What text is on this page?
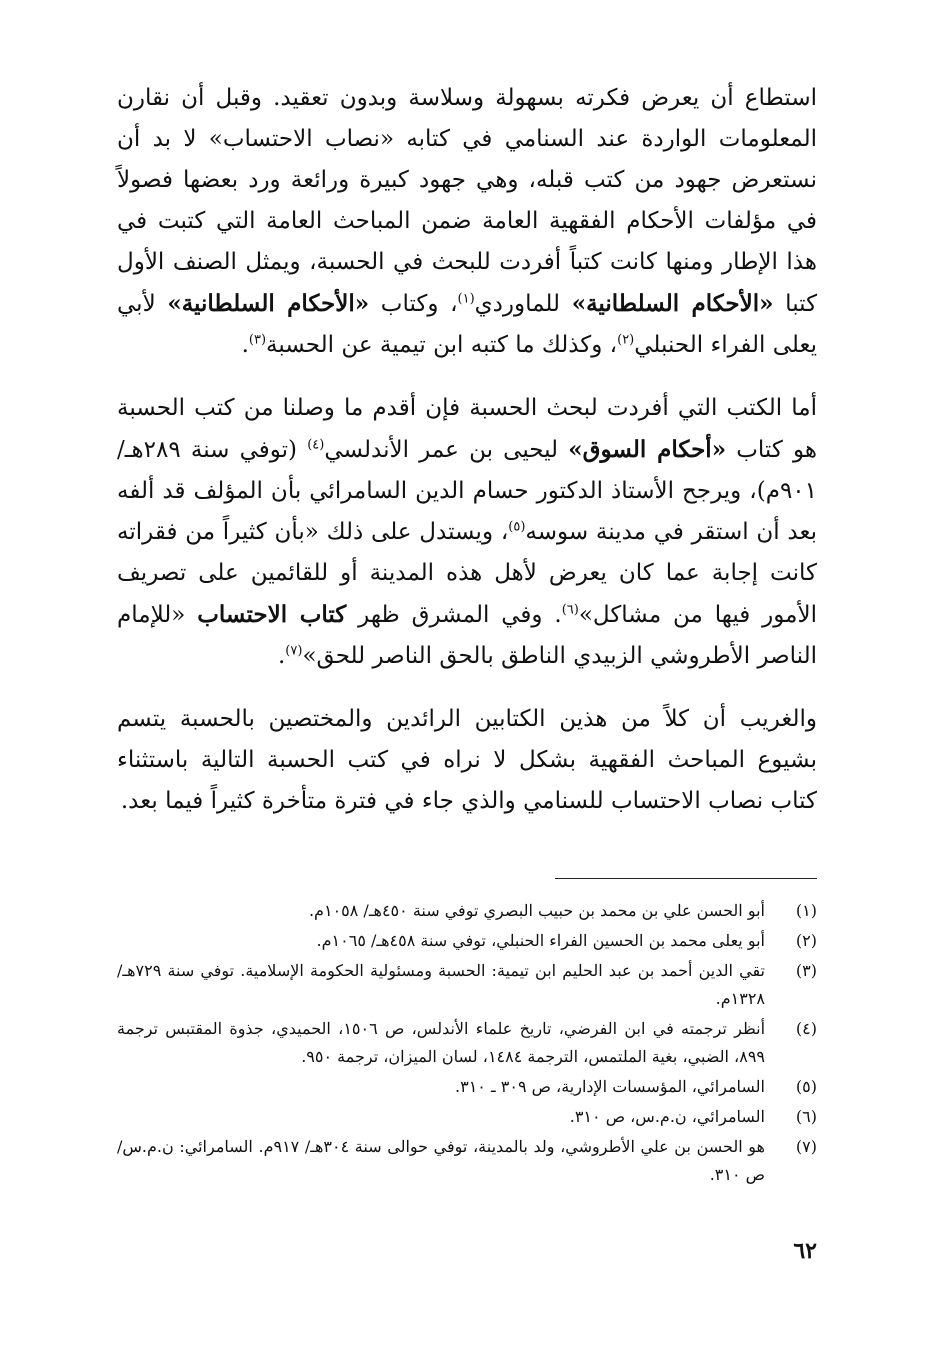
استطاع أن يعرض فكرته بسهولة وسلاسة وبدون تعقيد. وقبل أن نقارن المعلومات الواردة عند السنامي في كتابه «نصاب الاحتساب» لا بد أن نستعرض جهود من كتب قبله، وهي جهود كبيرة ورائعة ورد بعضها فصولاً في مؤلفات الأحكام الفقهية العامة ضمن المباحث العامة التي كتبت في هذا الإطار ومنها كانت كتباً أفردت للبحث في الحسبة، ويمثل الصنف الأول كتبا «الأحكام السلطانية» للماوردي$^{(١)}$، وكتاب «الأحكام السلطانية» لأبي يعلى الفراء الحنبلي$^{(٢)}$، وكذلك ما كتبه ابن تيمية عن الحسبة$^{(٣)}$.

أما الكتب التي أفردت لبحث الحسبة فإن أقدم ما وصلنا من كتب الحسبة هو كتاب «أحكام السوق» ليحيى بن عمر الأندلسي$^{(٤)}$ (توفي سنة ٢٨٩هـ/٩٠١م)، ويرجح الأستاذ الدكتور حسام الدين السامرائي بأن المؤلف قد ألفه بعد أن استقر في مدينة سوسه$^{(٥)}$، ويستدل على ذلك «بأن كثيراً من فقراته كانت إجابة عما كان يعرض لأهل هذه المدينة أو للقائمين على تصريف الأمور فيها من مشاكل»$^{(٦)}$. وفي المشرق ظهر كتاب الاحتساب «للإمام الناصر الأطروشي الزبيدي الناطق بالحق الناصر للحق»$^{(٧)}$.

والغريب أن كلاً من هذين الكتابين الرائدين والمختصين بالحسبة يتسم بشيوع المباحث الفقهية بشكل لا نراه في كتب الحسبة التالية باستثناء كتاب نصاب الاحتساب للسنامي والذي جاء في فترة متأخرة كثيراً فيما بعد.

(١)
أبو الحسن علي بن محمد بن حبيب البصري توفي سنة ٤٥٠هـ/ ١٠٥٨م.
(٢)
أبو يعلى محمد بن الحسين الفراء الحنبلي، توفي سنة ٤٥٨هـ/ ١٠٦٥م.
(٣)
تقي الدين أحمد بن عبد الحليم ابن تيمية: الحسبة ومسئولية الحكومة الإسلامية. توفي سنة ٧٢٩هـ/ ١٣٢٨م.
(٤)
أنظر ترجمته في ابن الفرضي، تاريخ علماء الأندلس، ص ١٥٠٦، الحميدي، جذوة المقتبس ترجمة ٨٩٩، الضبي، بغية الملتمس، الترجمة ١٤٨٤، لسان الميزان، ترجمة ٩٥٠.
(٥)
السامرائي، المؤسسات الإدارية، ص ٣٠٩ ـ ٣١٠.
(٦)
السامرائي، ن.م.س، ص ٣١٠.
(٧)
هو الحسن بن علي الأطروشي، ولد بالمدينة، توفي حوالى سنة ٣٠٤هـ/ ٩١٧م. السامرائي: ن.م.س/ ص ٣١٠.
٦٢
